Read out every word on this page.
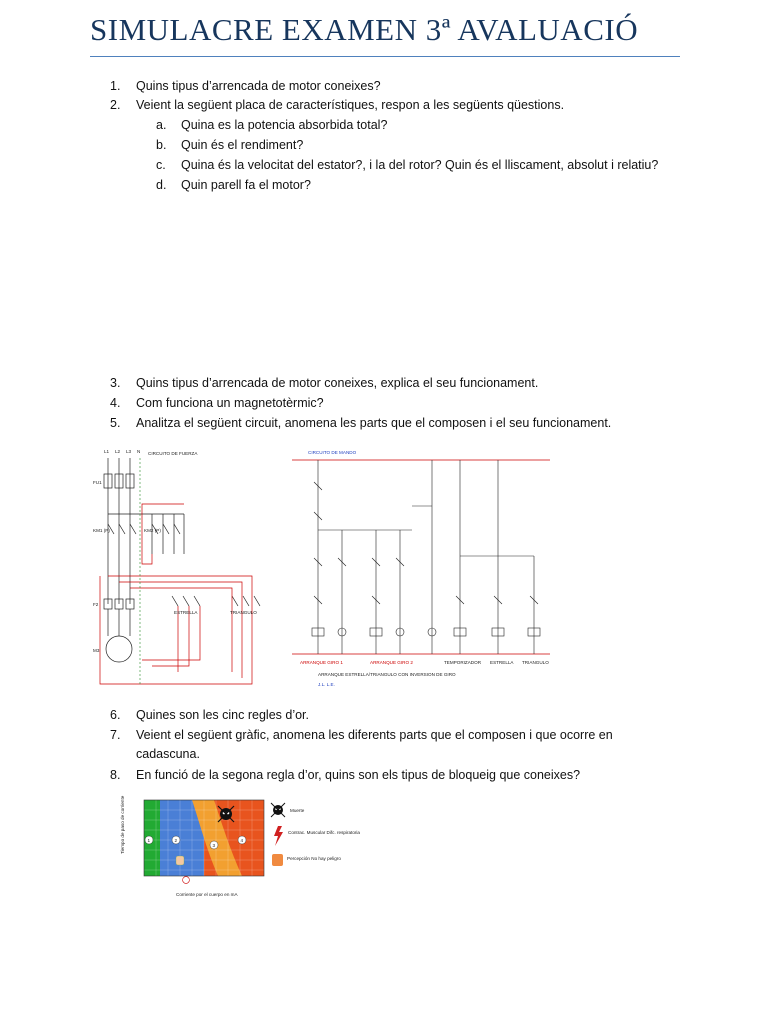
SIMULACRE EXAMEN 3ª AVALUACIÓ
1. Quins tipus d’arrencada de motor coneixes?
2. Veient la següent placa de característiques, respon a les següents qüestions.
a. Quina es la potencia absorbida total?
b. Quin és el rendiment?
c. Quina és la velocitat del estator?, i la del rotor? Quin és el lliscament, absolut i relatiu?
d. Quin parell fa el motor?
3. Quins tipus d’arrencada de motor coneixes, explica el seu funcionament.
4. Com funciona un magnetotèrmic?
5. Analitza el següent circuit, anomena les parts que el composen i el seu funcionament.
CIRCUITO DE FUERZA
L1 L2 L3 N
FU1
KM1 (P)	KM2 (P)
ESTRELLA	TRIANGULO
F2
M3
CIRCUITO DE MANDO
ARRANQUE GIRO 1	ARRANQUE GIRO 2	TEMPORIZADOR ESTRELLA TRIANGULO
ARRANQUE ESTRELLA/TRIANGULO CON INVERSION DE GIRO
J.L. L.E.
6. Quines son les cinc regles d’or.
7. Veient el següent gràfic, anomena les diferents parts que el composen i que ocorre en
cadascuna.
8. En funció de la segona regla d’or, quins son els tipus de bloqueig que coneixes?
Tiempo de paso de corriente	1	2
3
4
Corriente por el cuerpo en mA
Muerte
Contrac. Muscular Difc. respiratoria
Percepción No hay peligro
